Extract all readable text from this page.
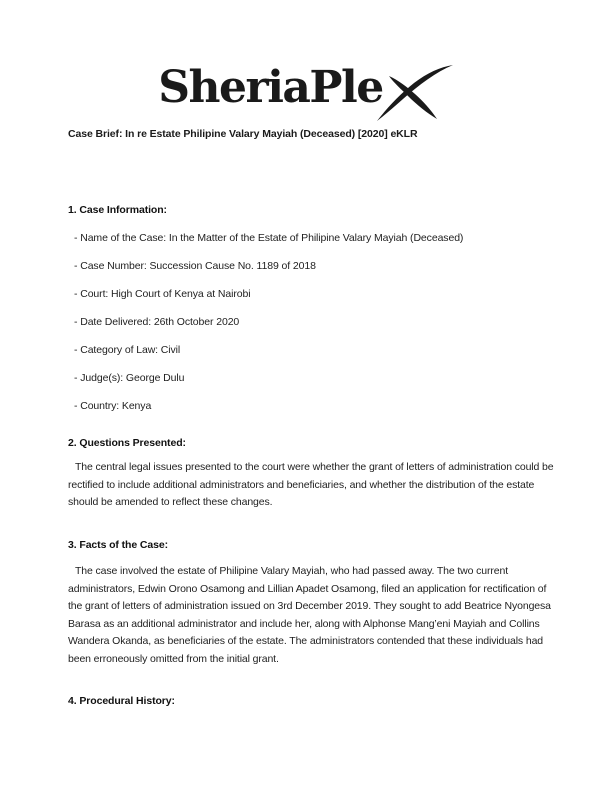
SheriaPle
Case Brief: In re Estate Philipine Valary Mayiah (Deceased) [2020] eKLR
1. Case Information:
- Name of the Case: In the Matter of the Estate of Philipine Valary Mayiah (Deceased)
- Case Number: Succession Cause No. 1189 of 2018
- Court: High Court of Kenya at Nairobi
- Date Delivered: 26th October 2020
- Category of Law: Civil
- Judge(s): George Dulu
- Country: Kenya
2. Questions Presented:
The central legal issues presented to the court were whether the grant of letters of administration could be rectified to include additional administrators and beneficiaries, and whether the distribution of the estate should be amended to reflect these changes.
3. Facts of the Case:
The case involved the estate of Philipine Valary Mayiah, who had passed away. The two current administrators, Edwin Orono Osamong and Lillian Apadet Osamong, filed an application for rectification of the grant of letters of administration issued on 3rd December 2019. They sought to add Beatrice Nyongesa Barasa as an additional administrator and include her, along with Alphonse Mang’eni Mayiah and Collins Wandera Okanda, as beneficiaries of the estate. The administrators contended that these individuals had been erroneously omitted from the initial grant.
4. Procedural History:
